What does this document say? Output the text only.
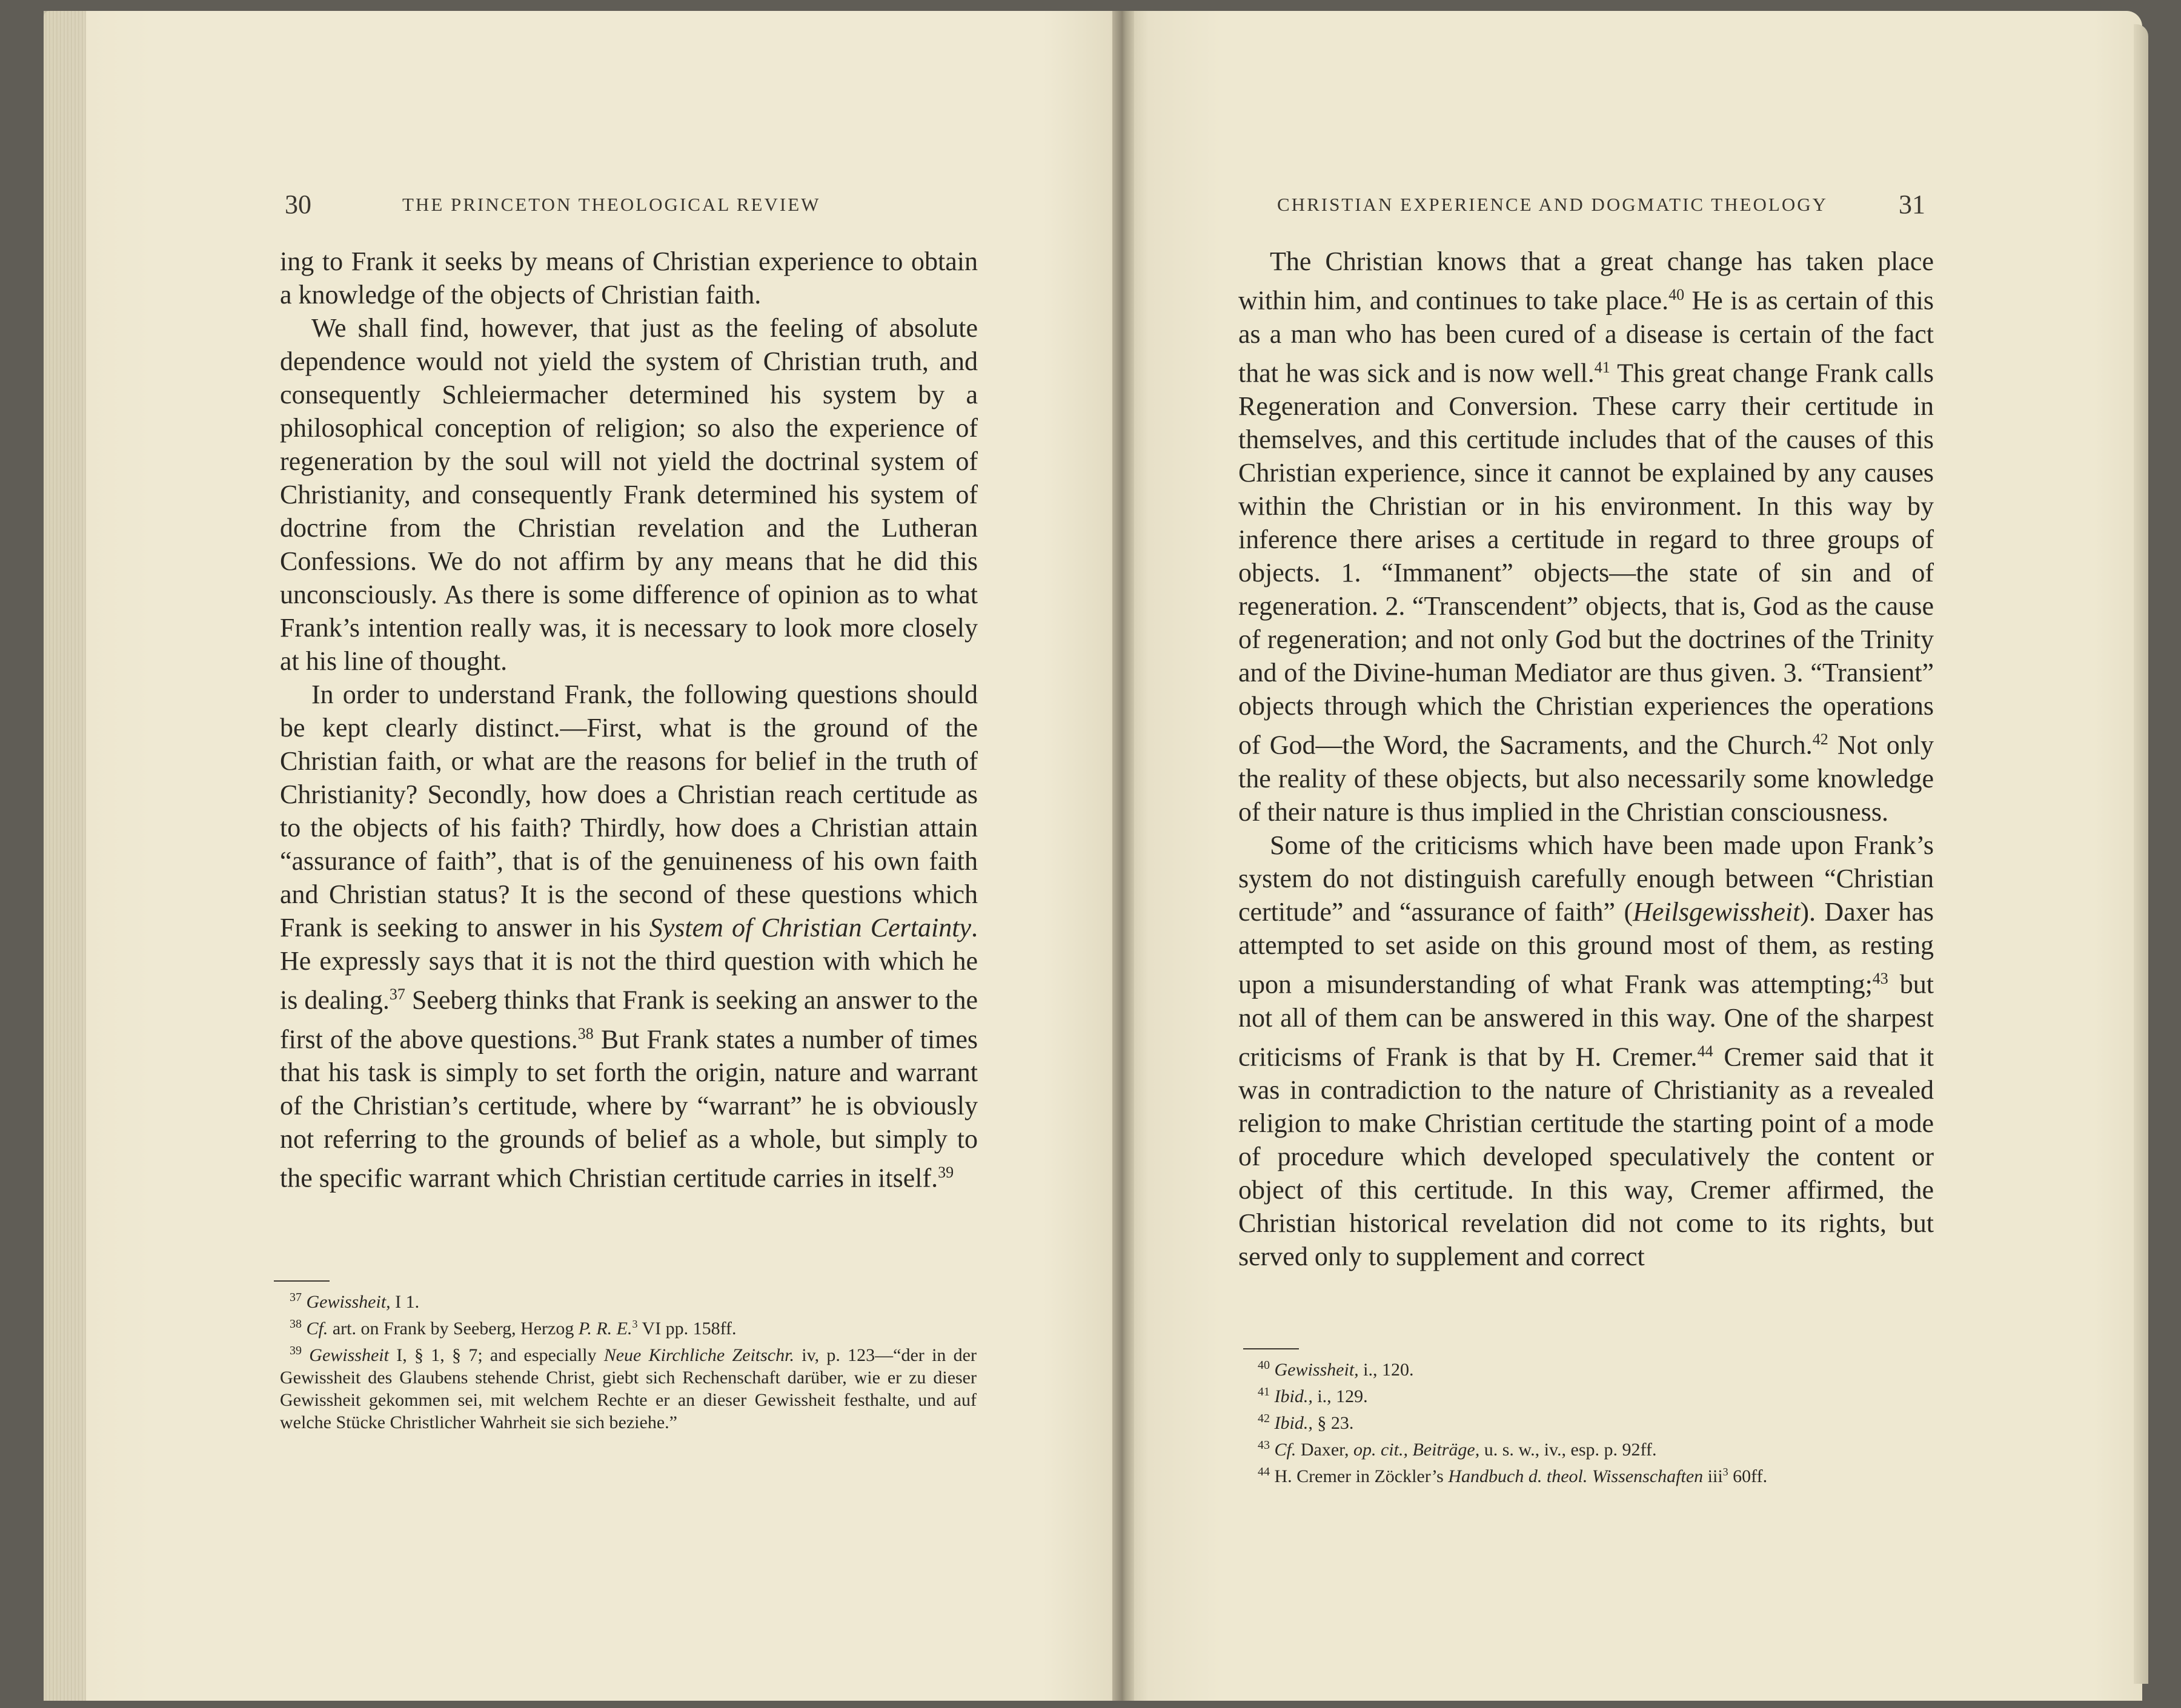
30	THE PRINCETON THEOLOGICAL REVIEW

ing to Frank it seeks by means of Christian experience to obtain a knowledge of the objects of Christian faith.

We shall find, however, that just as the feeling of absolute dependence would not yield the system of Christian truth, and consequently Schleiermacher determined his system by a philosophical conception of religion; so also the experience of regeneration by the soul will not yield the doctrinal system of Christianity, and consequently Frank determined his system of doctrine from the Christian revelation and the Lutheran Confessions. We do not affirm by any means that he did this unconsciously. As there is some difference of opinion as to what Frank’s intention really was, it is necessary to look more closely at his line of thought.

In order to understand Frank, the following questions should be kept clearly distinct.—First, what is the ground of the Christian faith, or what are the reasons for belief in the truth of Christianity? Secondly, how does a Christian reach certitude as to the objects of his faith? Thirdly, how does a Christian attain “assurance of faith”, that is of the genuineness of his own faith and Christian status? It is the second of these questions which Frank is seeking to answer in his System of Christian Certainty. He expressly says that it is not the third question with which he is dealing.$^{37}$ Seeberg thinks that Frank is seeking an answer to the first of the above questions.$^{38}$ But Frank states a number of times that his task is simply to set forth the origin, nature and warrant of the Christian’s certitude, where by “warrant” he is obviously not referring to the grounds of belief as a whole, but simply to the specific warrant which Christian certitude carries in itself.$^{39}$

$^{37}$ Gewissheit, I 1.

$^{38}$ Cf. art. on Frank by Seeberg, Herzog P. R. E.$^3$ VI pp. 158ff.

$^{39}$ Gewissheit I, § 1, § 7; and especially Neue Kirchliche Zeitschr. iv, p. 123—“der in der Gewissheit des Glaubens stehende Christ, giebt sich Rechenschaft darüber, wie er zu dieser Gewissheit gekommen sei, mit welchem Rechte er an dieser Gewissheit festhalte, und auf welche Stücke Christlicher Wahrheit sie sich beziehe.”

CHRISTIAN EXPERIENCE AND DOGMATIC THEOLOGY	31

The Christian knows that a great change has taken place within him, and continues to take place.$^{40}$ He is as certain of this as a man who has been cured of a disease is certain of the fact that he was sick and is now well.$^{41}$ This great change Frank calls Regeneration and Conversion. These carry their certitude in themselves, and this certitude includes that of the causes of this Christian experience, since it cannot be explained by any causes within the Christian or in his environment. In this way by inference there arises a certitude in regard to three groups of objects. 1. “Immanent” objects—the state of sin and of regeneration. 2. “Transcendent” objects, that is, God as the cause of regeneration; and not only God but the doctrines of the Trinity and of the Divine-human Mediator are thus given. 3. “Transient” objects through which the Christian experiences the operations of God—the Word, the Sacraments, and the Church.$^{42}$ Not only the reality of these objects, but also necessarily some knowledge of their nature is thus implied in the Christian consciousness.

Some of the criticisms which have been made upon Frank’s system do not distinguish carefully enough between “Christian certitude” and “assurance of faith” (Heilsgewissheit). Daxer has attempted to set aside on this ground most of them, as resting upon a misunderstanding of what Frank was attempting;$^{43}$ but not all of them can be answered in this way. One of the sharpest criticisms of Frank is that by H. Cremer.$^{44}$ Cremer said that it was in contradiction to the nature of Christianity as a revealed religion to make Christian certitude the starting point of a mode of procedure which developed speculatively the content or object of this certitude. In this way, Cremer affirmed, the Christian historical revelation did not come to its rights, but served only to supplement and correct

$^{40}$ Gewissheit, i., 120.

$^{41}$ Ibid., i., 129.

$^{42}$ Ibid., § 23.

$^{43}$ Cf. Daxer, op. cit., Beiträge, u. s. w., iv., esp. p. 92ff.

$^{44}$ H. Cremer in Zöckler’s Handbuch d. theol. Wissenschaften iii$^3$ 60ff.
